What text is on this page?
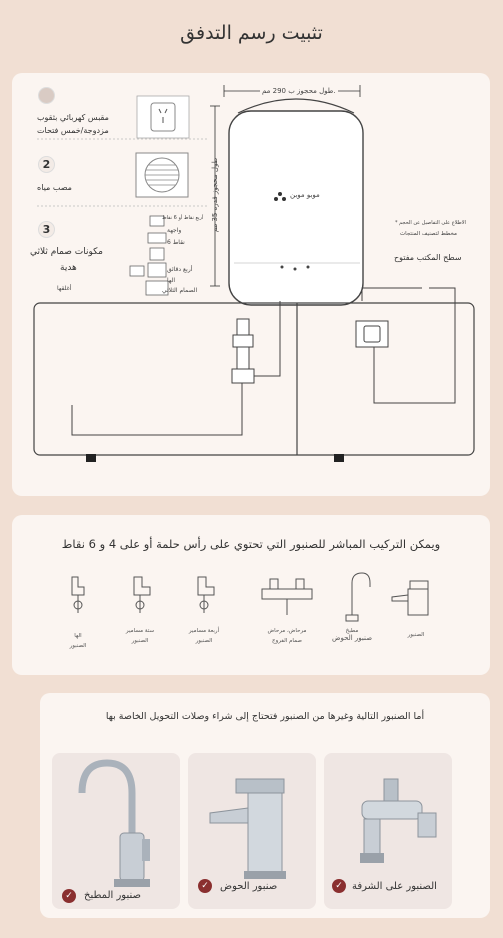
تثبيت رسم التدفق
مقبس كهربائي بثقوب
مزدوجة/خمس فتحات
2
مصب مياه
3
مكونات صمام ثلاثي
هدية
أغلقها
أربع نقاط أو 6 نقاط
واجهة
نقاط 6
أربع دقائق
الها
الصمام الثلاثي
طول محجوز ب 290 مم.
طول محجوز قدره 35 مم	موبو موبن
* الاطلاع على التفاصيل عن الحجم
مخطط لتصنيف المنتجات
سطح المكتب مفتوح
ويمكن التركيب المباشر للصنبور التي تحتوي على رأس حلمة أو على 4 و 6 نقاط
الها
الصنبور
ستة مسامير
الصنبور
أربعة مسامير
الصنبور
مرحاض، مرحاض
صمام الفروج
مطبخ
صنبور الحوض	الصنبور
أما الصنبور التالية وغيرها من الصنبور فتحتاج إلى شراء وصلات التحويل الخاصة بها
✓	صنبور المطبخ
✓	صنبور الحوض	✓ الصنبور على الشرفة
